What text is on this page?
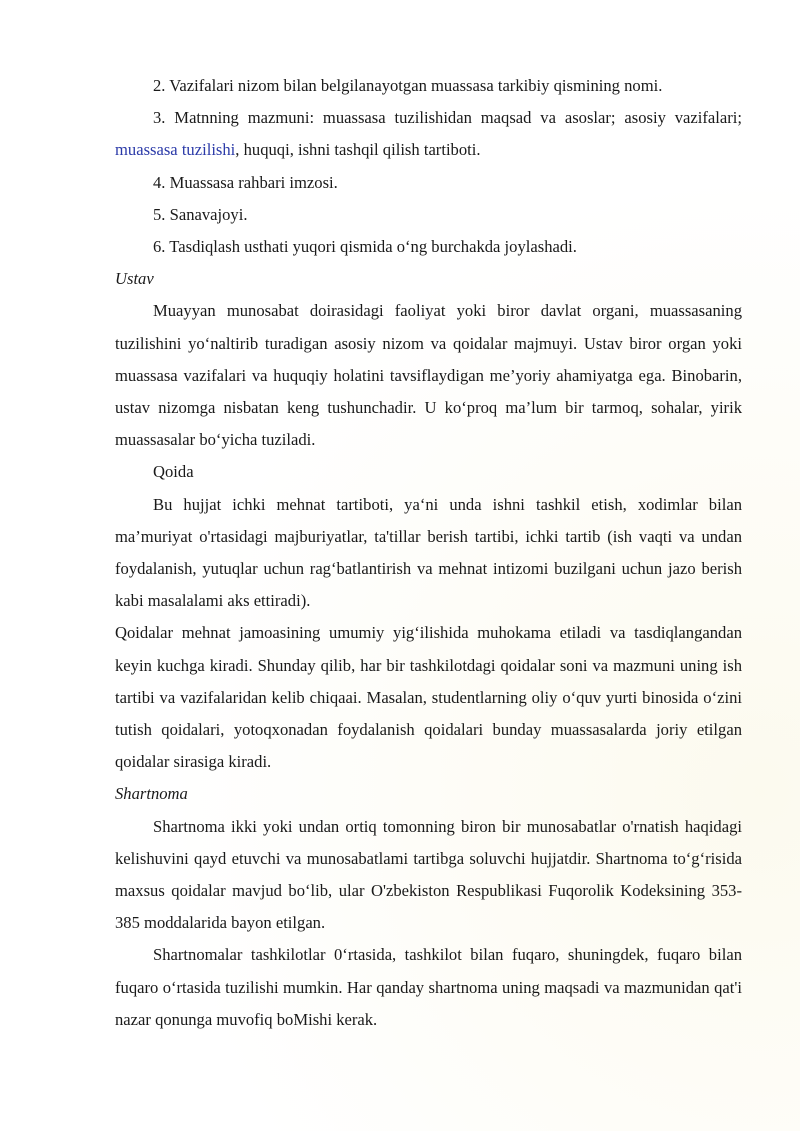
2. Vazifalari nizom bilan belgilanayotgan muassasa tarkibiy qismining nomi.

3. Matnning mazmuni: muassasa tuzilishidan maqsad va asoslar; asosiy vazifalari; muassasa tuzilishi, huquqi, ishni tashqil qilish tartiboti.

4. Muassasa rahbari imzosi.

5. Sanavajoyi.

6. Tasdiqlash usthati yuqori qismida o‘ng burchakda joylashadi.

Ustav

Muayyan munosabat doirasidagi faoliyat yoki biror davlat organi, muassasaning tuzilishini yo‘naltirib turadigan asosiy nizom va qoidalar majmuyi. Ustav biror organ yoki muassasa vazifalari va huquqiy holatini tavsiflaydigan me’yoriy ahamiyatga ega. Binobarin, ustav nizomga nisbatan keng tushunchadir. U ko‘proq ma’lum bir tarmoq, sohalar, yirik muassasalar bo‘yicha tuziladi.

Qoida

Bu hujjat ichki mehnat tartiboti, ya‘ni unda ishni tashkil etish, xodimlar bilan ma’muriyat o'rtasidagi majburiyatlar, ta'tillar berish tartibi, ichki tartib (ish vaqti va undan foydalanish, yutuqlar uchun rag‘batlantirish va mehnat intizomi buzilgani uchun jazo berish kabi masalalami aks ettiradi).

Qoidalar mehnat jamoasining umumiy yig‘ilishida muhokama etiladi va tasdiqlangandan keyin kuchga kiradi. Shunday qilib, har bir tashkilotdagi qoidalar soni va mazmuni uning ish tartibi va vazifalaridan kelib chiqaai. Masalan, studentlarning oliy o‘quv yurti binosida o‘zini tutish qoidalari, yotoqxonadan foydalanish qoidalari bunday muassasalarda joriy etilgan qoidalar sirasiga kiradi.

Shartnoma

Shartnoma ikki yoki undan ortiq tomonning biron bir munosabatlar o'rnatish haqidagi kelishuvini qayd etuvchi va munosabatlami tartibga soluvchi hujjatdir. Shartnoma to‘g‘risida maxsus qoidalar mavjud bo‘lib, ular O'zbekiston Respublikasi Fuqorolik Kodeksining 353-385 moddalarida bayon etilgan.

Shartnomalar tashkilotlar 0‘rtasida, tashkilot bilan fuqaro, shuningdek, fuqaro bilan fuqaro o‘rtasida tuzilishi mumkin. Har qanday shartnoma uning maqsadi va mazmunidan qat'i nazar qonunga muvofiq boMishi kerak.
